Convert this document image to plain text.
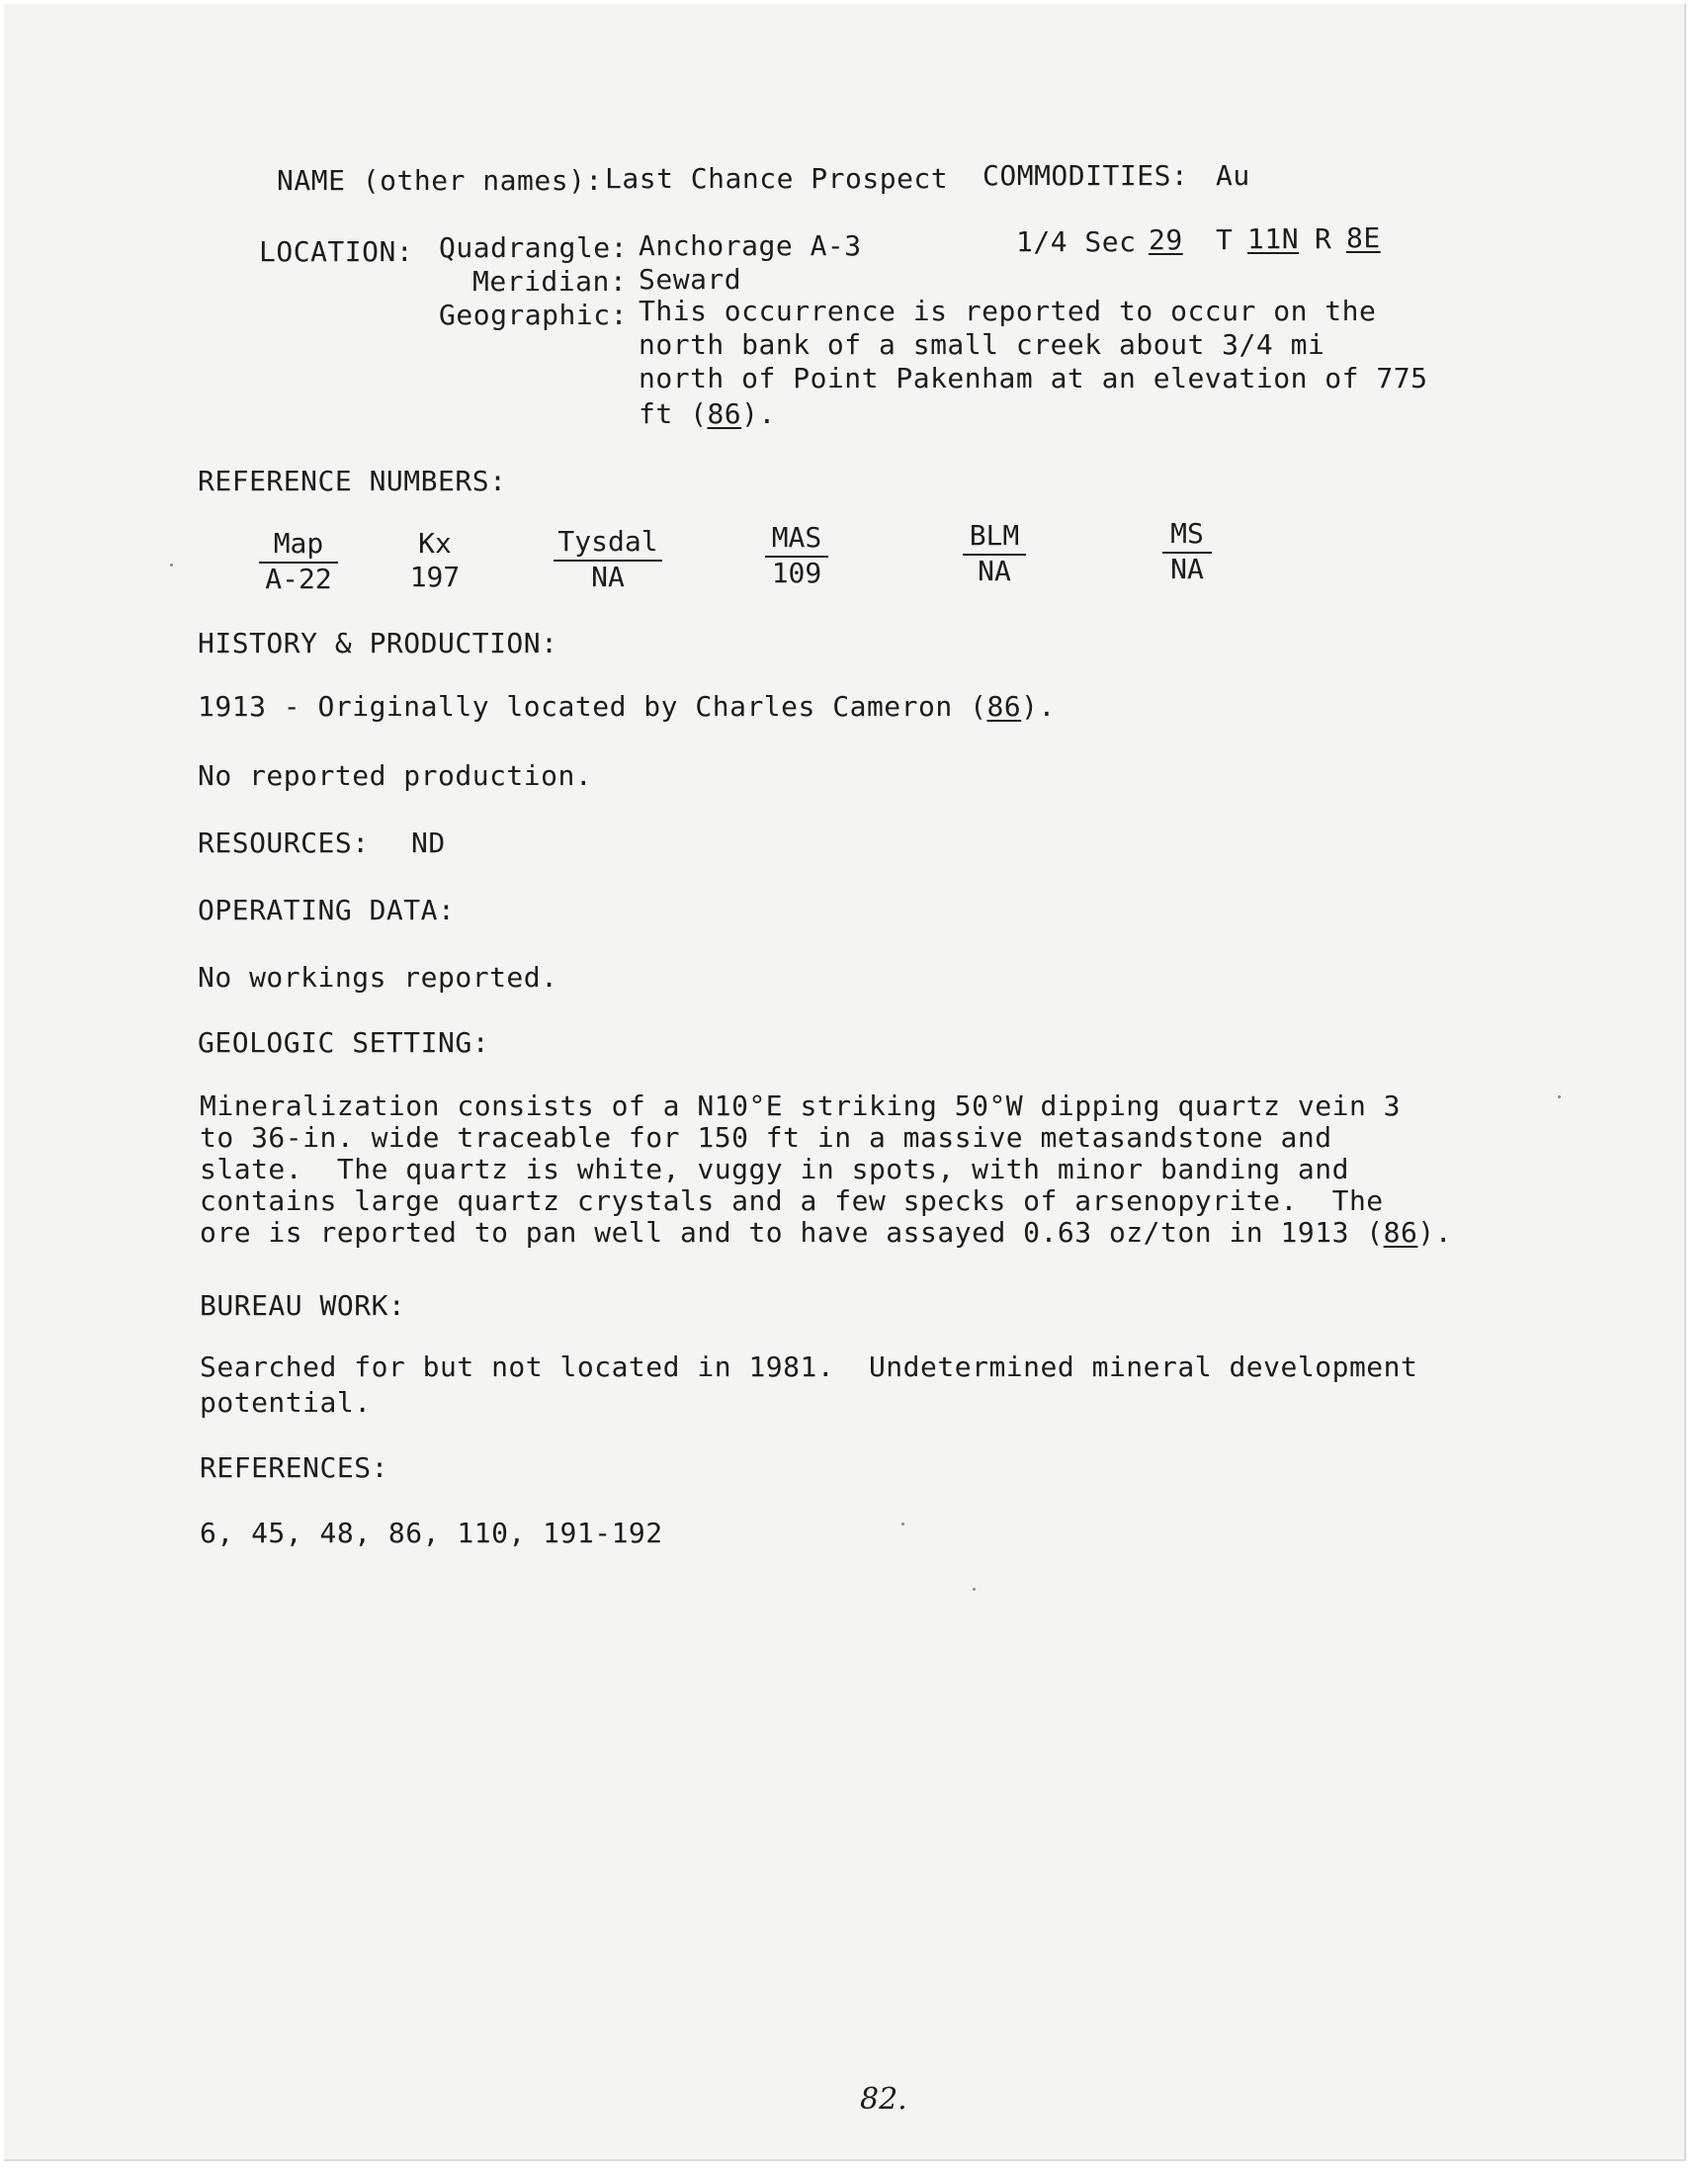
NAME (other names): Last Chance Prospect COMMODITIES: Au
LOCATION: Quadrangle: Anchorage A-3	1/4 Sec 29 T 11N R 8E
Meridian: Seward
Geographic: This occurrence is reported to occur on the
north bank of a small creek about 3/4 mi
north of Point Pakenham at an elevation of 775
ft (86).
REFERENCE NUMBERS:
Map
A-22
Kx
197
Tysdal
NA
MAS
109
BLM
NA
MS
NA
HISTORY & PRODUCTION:
1913 - Originally located by Charles Cameron (86).
No reported production.
RESOURCES: ND
OPERATING DATA:
No workings reported.
GEOLOGIC SETTING:
Mineralization consists of a N10°E striking 50°W dipping quartz vein 3
to 36-in. wide traceable for 150 ft in a massive metasandstone and
slate.  The quartz is white, vuggy in spots, with minor banding and
contains large quartz crystals and a few specks of arsenopyrite.  The
ore is reported to pan well and to have assayed 0.63 oz/ton in 1913 (86).
BUREAU WORK:
Searched for but not located in 1981.  Undetermined mineral development
potential.
REFERENCES:
6, 45, 48, 86, 110, 191-192
82.
